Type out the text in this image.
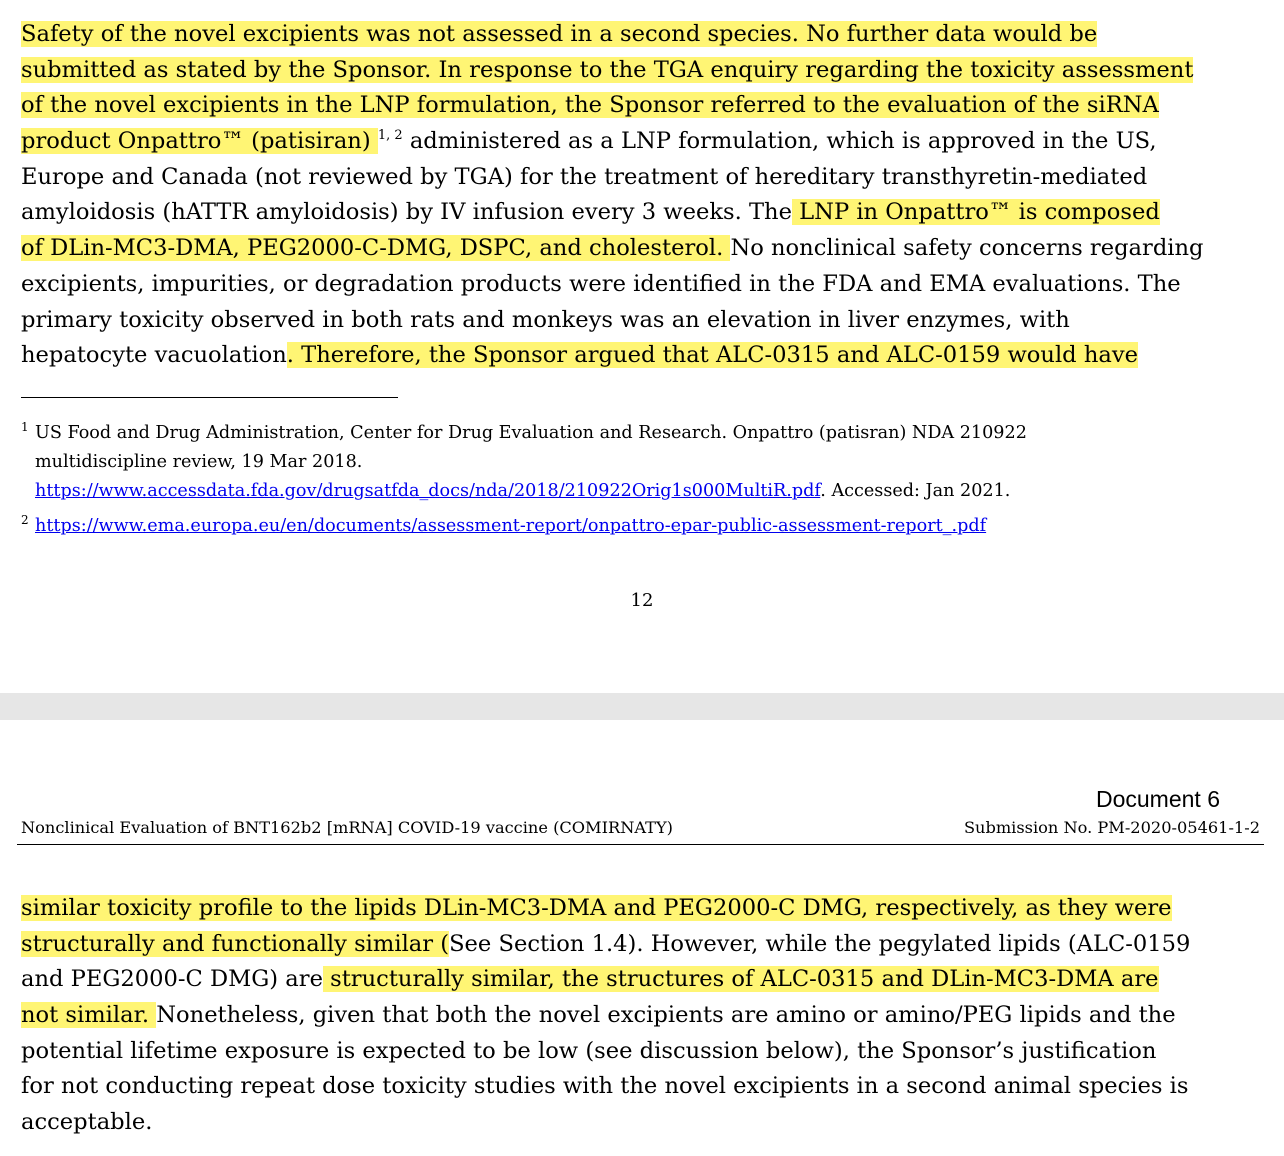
Safety of the novel excipients was not assessed in a second species. No further data would be
submitted as stated by the Sponsor. In response to the TGA enquiry regarding the toxicity assessment
of the novel excipients in the LNP formulation, the Sponsor referred to the evaluation of the siRNA
product Onpattro™ (patisiran) $^{1, 2}$ administered as a LNP formulation, which is approved in the US,
Europe and Canada (not reviewed by TGA) for the treatment of hereditary transthyretin-mediated
amyloidosis (hATTR amyloidosis) by IV infusion every 3 weeks. The LNP in Onpattro™ is composed
of DLin-MC3-DMA, PEG2000-C-DMG, DSPC, and cholesterol. No nonclinical safety concerns regarding
excipients, impurities, or degradation products were identified in the FDA and EMA evaluations. The
primary toxicity observed in both rats and monkeys was an elevation in liver enzymes, with
hepatocyte vacuolation. Therefore, the Sponsor argued that ALC-0315 and ALC-0159 would have
1 US Food and Drug Administration, Center for Drug Evaluation and Research. Onpattro (patisran) NDA 210922
multidiscipline review, 19 Mar 2018.
https://www.accessdata.fda.gov/drugsatfda_docs/nda/2018/210922Orig1s000MultiR.pdf. Accessed: Jan 2021.
2 https://www.ema.europa.eu/en/documents/assessment-report/onpattro-epar-public-assessment-report_.pdf
12
Document 6
Nonclinical Evaluation of BNT162b2 [mRNA] COVID-19 vaccine (COMIRNATY)	Submission No. PM-2020-05461-1-2
similar toxicity profile to the lipids DLin-MC3-DMA and PEG2000-C DMG, respectively, as they were
structurally and functionally similar (See Section 1.4). However, while the pegylated lipids (ALC-0159
and PEG2000-C DMG) are structurally similar, the structures of ALC-0315 and DLin-MC3-DMA are
not similar. Nonetheless, given that both the novel excipients are amino or amino/PEG lipids and the
potential lifetime exposure is expected to be low (see discussion below), the Sponsor’s justification
for not conducting repeat dose toxicity studies with the novel excipients in a second animal species is
acceptable.
